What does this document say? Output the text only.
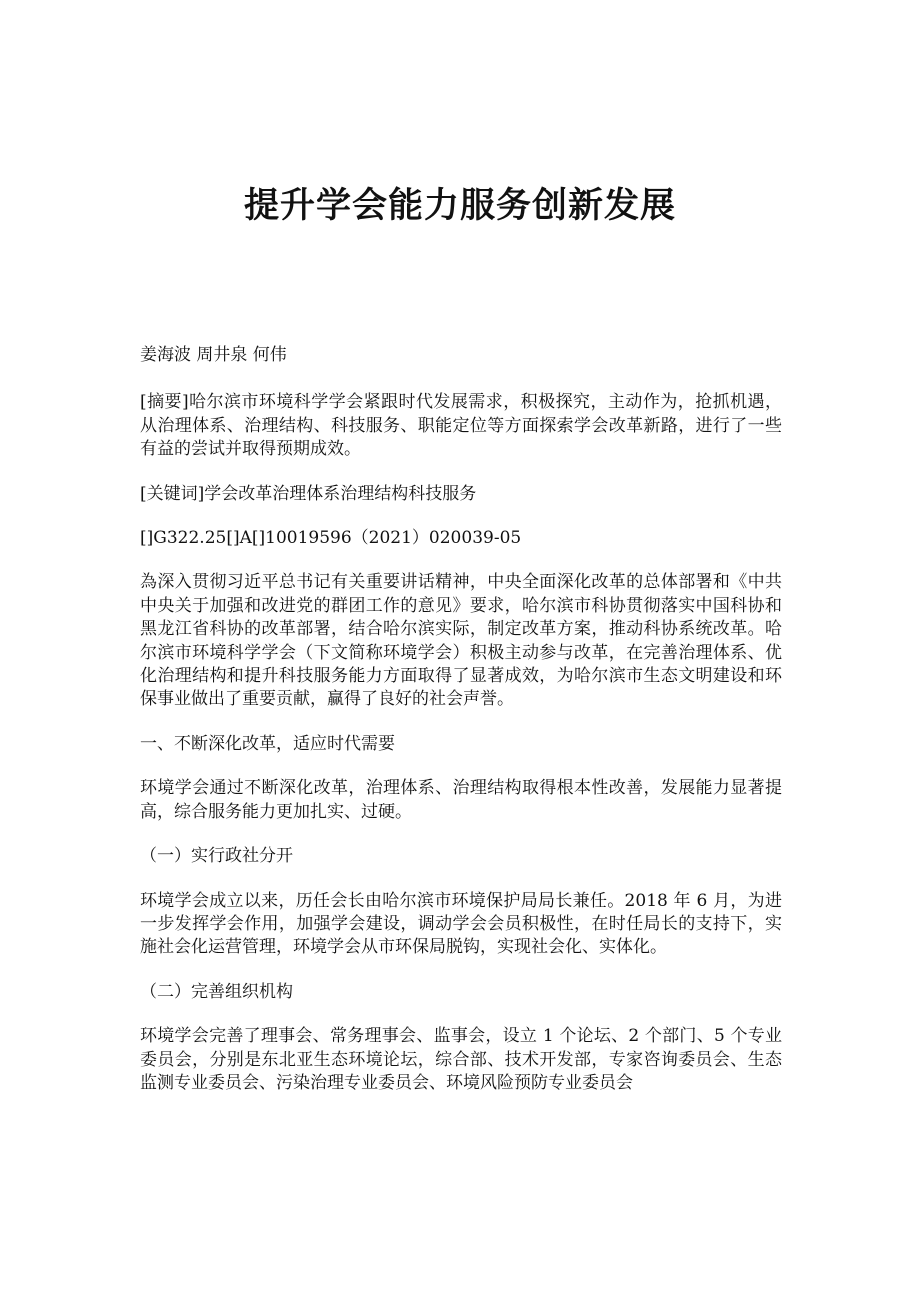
提升学会能力服务创新发展

姜海波 周井泉 何伟

[摘要]哈尔滨市环境科学学会紧跟时代发展需求，积极探究，主动作为，抢抓机遇，从治理体系、治理结构、科技服务、职能定位等方面探索学会改革新路，进行了一些有益的尝试并取得预期成效。

[关键词]学会改革治理体系治理结构科技服务

[]G322.25[]A[]10019596（2021）020039-05

為深入贯彻习近平总书记有关重要讲话精神，中央全面深化改革的总体部署和《中共中央关于加强和改进党的群团工作的意见》要求，哈尔滨市科协贯彻落实中国科协和黑龙江省科协的改革部署，结合哈尔滨实际，制定改革方案，推动科协系统改革。哈尔滨市环境科学学会（下文简称环境学会）积极主动参与改革，在完善治理体系、优化治理结构和提升科技服务能力方面取得了显著成效，为哈尔滨市生态文明建设和环保事业做出了重要贡献，赢得了良好的社会声誉。

一、不断深化改革，适应时代需要

环境学会通过不断深化改革，治理体系、治理结构取得根本性改善，发展能力显著提高，综合服务能力更加扎实、过硬。

（一）实行政社分开

环境学会成立以来，历任会长由哈尔滨市环境保护局局长兼任。2018 年 6 月，为进一步发挥学会作用，加强学会建设，调动学会会员积极性，在时任局长的支持下，实施社会化运营管理，环境学会从市环保局脱钩，实现社会化、实体化。

（二）完善组织机构

环境学会完善了理事会、常务理事会、监事会，设立 1 个论坛、2 个部门、5 个专业委员会，分别是东北亚生态环境论坛，综合部、技术开发部，专家咨询委员会、生态监测专业委员会、污染治理专业委员会、环境风险预防专业委员会
